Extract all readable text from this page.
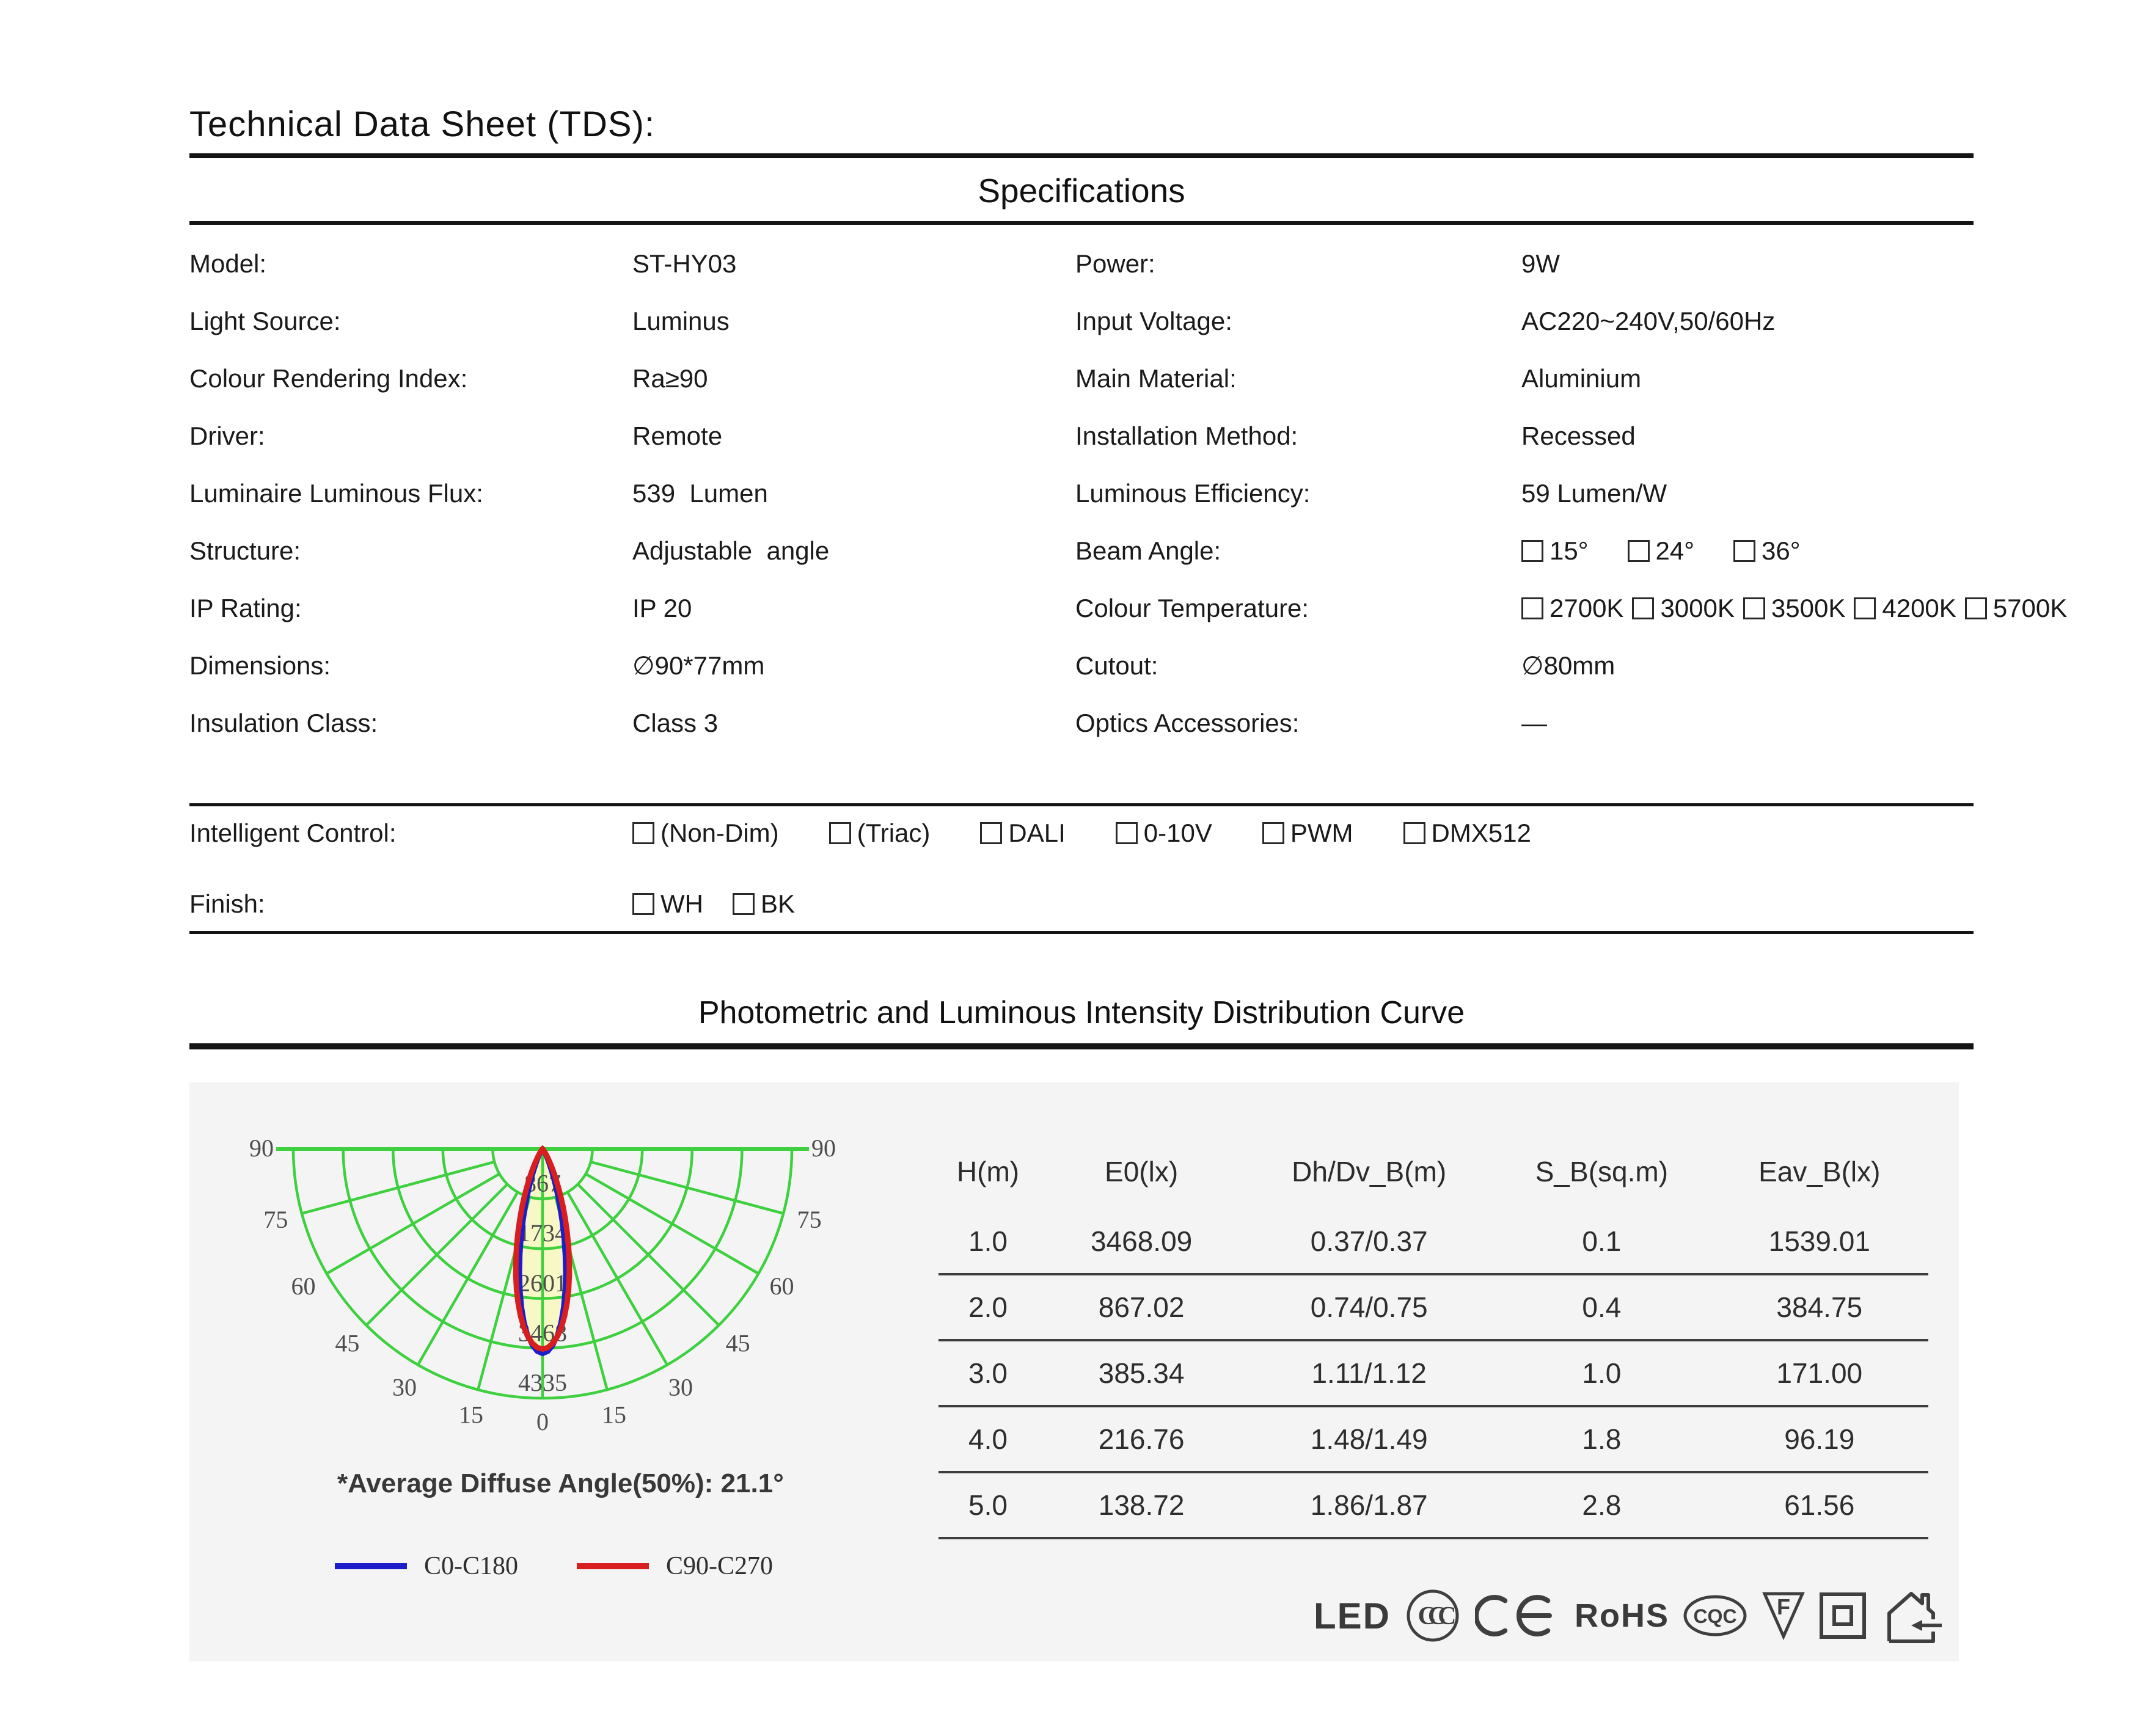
Technical Data Sheet (TDS):
Specifications
Model:	ST-HY03	Power:	9W
Light Source:	Luminus	Input Voltage:	AC220~240V,50/60Hz
Colour Rendering Index:	Ra≥90	Main Material:	Aluminium
Driver:	Remote	Installation Method:	Recessed
Luminaire Luminous Flux:	539  Lumen	Luminous Efficiency:	59 Lumen/W
Structure:	Adjustable  angle	Beam Angle:	15°	24°	36°
IP Rating:	IP 20	Colour Temperature:	2700K 3000K 3500K 4200K 5700K
Dimensions:	∅90*77mm	Cutout:	∅80mm
Insulation Class:	Class 3	Optics Accessories:	—
Intelligent Control:	(Non-Dim)	(Triac)	DALI	0-10V	PWM	DMX512
Finish:	WH BK
Photometric and Luminous Intensity Distribution Curve
867
1734
2601
3468
4335
0
15	15
30	30
45	45
60	60
75	75
90	90
*Average Diffuse Angle(50%): 21.1°
C0-C180	C90-C270
H(m)	E0(lx)	Dh/Dv_B(m)	S_B(sq.m)	Eav_B(lx)
1.0	3468.09	0.37/0.37	0.1	1539.01
2.0	867.02	0.74/0.75	0.4	384.75
3.0	385.34	1.11/1.12	1.0	171.00
4.0	216.76	1.48/1.49	1.8	96.19
5.0	138.72	1.86/1.87	2.8	61.56
LED CCC	RoHS CQC F
